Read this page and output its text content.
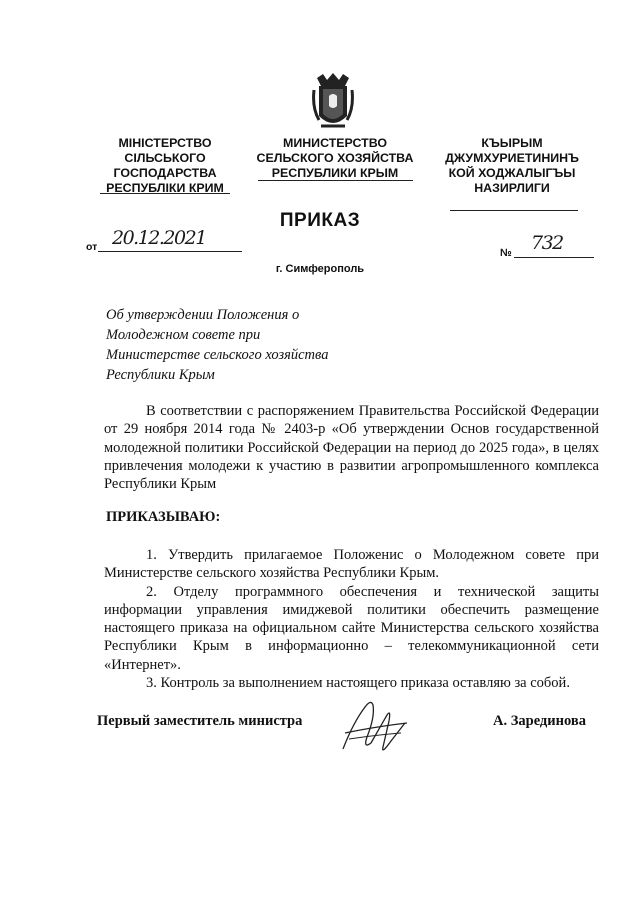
МІНІСТЕРСТВО
СІЛЬСЬКОГО
ГОСПОДАРСТВА
РЕСПУБЛІКИ КРИМ
МИНИСТЕРСТВО
СЕЛЬСКОГО ХОЗЯЙСТВА
РЕСПУБЛИКИ КРЫМ
КЪЫРЫМ
ДЖУМХУРИЕТИНИНЪ
КОЙ ХОДЖАЛЫГЪЫ
НАЗИРЛИГИ
ПРИКАЗ
от 20.12.2021
№ 732
г. Симферополь
Об утверждении Положения о
Молодежном совете при
Министерстве сельского хозяйства
Республики Крым
В соответствии с распоряжением Правительства Российской Федерации от 29 ноября 2014 года № 2403-р «Об утверждении Основ государственной молодежной политики Российской Федерации на период до 2025 года», в целях привлечения молодежи к участию в развитии агропромышленного комплекса Республики Крым
ПРИКАЗЫВАЮ:

1. Утвердить прилагаемое Положенис о Молодежном совете при Министерстве сельского хозяйства Республики Крым.

2. Отделу программного обеспечения и технической защиты информации управления имиджевой политики обеспечить размещение настоящего приказа на официальном сайте Министерства сельского хозяйства Республики Крым в информационно – телекоммуникационной сети «Интернет».

3. Контроль за выполнением настоящего приказа оставляю за собой.

Первый заместитель министра	А. Зарединова
